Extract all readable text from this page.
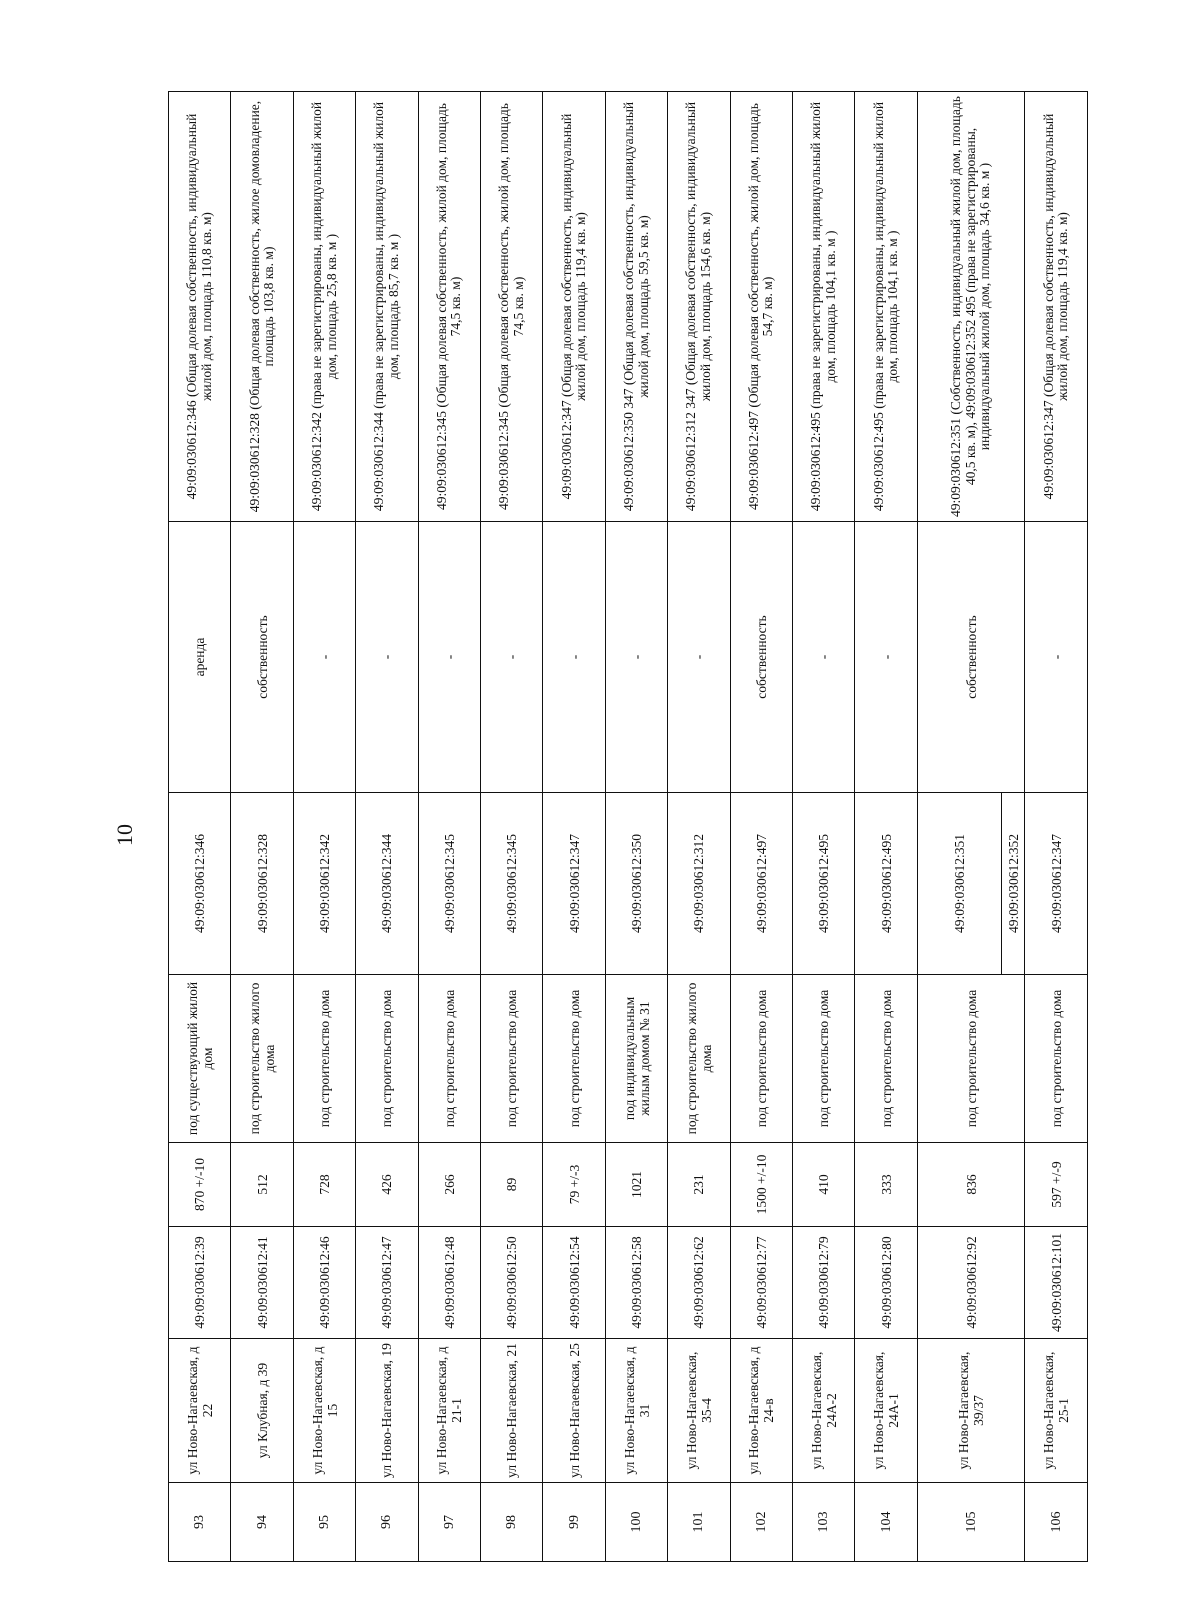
10
93	ул Ново-Нагаевская, д 22	49:09:030612:39	870 +/-10	под существующий жилой дом	49:09:030612:346	аренда	49:09:030612:346 (Общая долевая собственность, индивидуальный жилой дом, площадь 110,8 кв. м)
94	ул Клубная, д 39	49:09:030612:41	512	под строительство жилого дома	49:09:030612:328	собственность	49:09:030612:328 (Общая долевая собственность, жилое домовладение, площадь 103,8 кв. м)
95	ул Ново-Нагаевская, д 15	49:09:030612:46	728	под строительство дома	49:09:030612:342	-	49:09:030612:342 (права не зарегистрированы, индивидуальный жилой дом, площадь 25,8 кв. м )
96	ул Ново-Нагаевская, 19	49:09:030612:47	426	под строительство дома	49:09:030612:344	-	49:09:030612:344 (права не зарегистрированы, индивидуальный жилой дом, площадь 85,7 кв. м )
97	ул Ново-Нагаевская, д 21-1	49:09:030612:48	266	под строительство дома	49:09:030612:345	-	49:09:030612:345 (Общая долевая собственность, жилой дом, площадь 74,5 кв. м)
98	ул Ново-Нагаевская, 21	49:09:030612:50	89	под строительство дома	49:09:030612:345	-	49:09:030612:345 (Общая долевая собственность, жилой дом, площадь 74,5 кв. м)
99	ул Ново-Нагаевская, 25	49:09:030612:54	79 +/-3	под строительство дома	49:09:030612:347	-	49:09:030612:347 (Общая долевая собственность, индивидуальный жилой дом, площадь 119,4 кв. м)
100	ул Ново-Нагаевская, д 31	49:09:030612:58	1021	под индивидуальным жилым домом № 31	49:09:030612:350	-	49:09:030612:350 347 (Общая долевая собственность, индивидуальный жилой дом, площадь 59,5 кв. м)
101	ул Ново-Нагаевская, 35-4	49:09:030612:62	231	под строительство жилого дома	49:09:030612:312	-	49:09:030612:312 347 (Общая долевая собственность, индивидуальный жилой дом, площадь 154,6 кв. м)
102	ул Ново-Нагаевская, д 24-в	49:09:030612:77	1500 +/-10	под строительство дома	49:09:030612:497	собственность	49:09:030612:497 (Общая долевая собственность, жилой дом, площадь 54,7 кв. м)
103	ул Ново-Нагаевская, 24А-2	49:09:030612:79	410	под строительство дома	49:09:030612:495	-	49:09:030612:495 (права не зарегистрированы, индивидуальный жилой дом, площадь 104,1 кв. м )
104	ул Ново-Нагаевская, 24А-1	49:09:030612:80	333	под строительство дома	49:09:030612:495	-	49:09:030612:495 (права не зарегистрированы, индивидуальный жилой дом, площадь 104,1 кв. м )
105	ул Ново-Нагаевская, 39/37	49:09:030612:92	836	под строительство дома	49:09:030612:351	собственность	49:09:030612:351 (Собственность, индивидуальный жилой дом, площадь 40,5 кв. м), 49:09:030612:352 495 (права не зарегистрированы, индивидуальный жилой дом, площадь 34,6 кв. м )
					49:09:030612:352		
106	ул Ново-Нагаевская, 25-1	49:09:030612:101	597 +/-9	под строительство дома	49:09:030612:347	-	49:09:030612:347 (Общая долевая собственность, индивидуальный жилой дом, площадь 119,4 кв. м)
